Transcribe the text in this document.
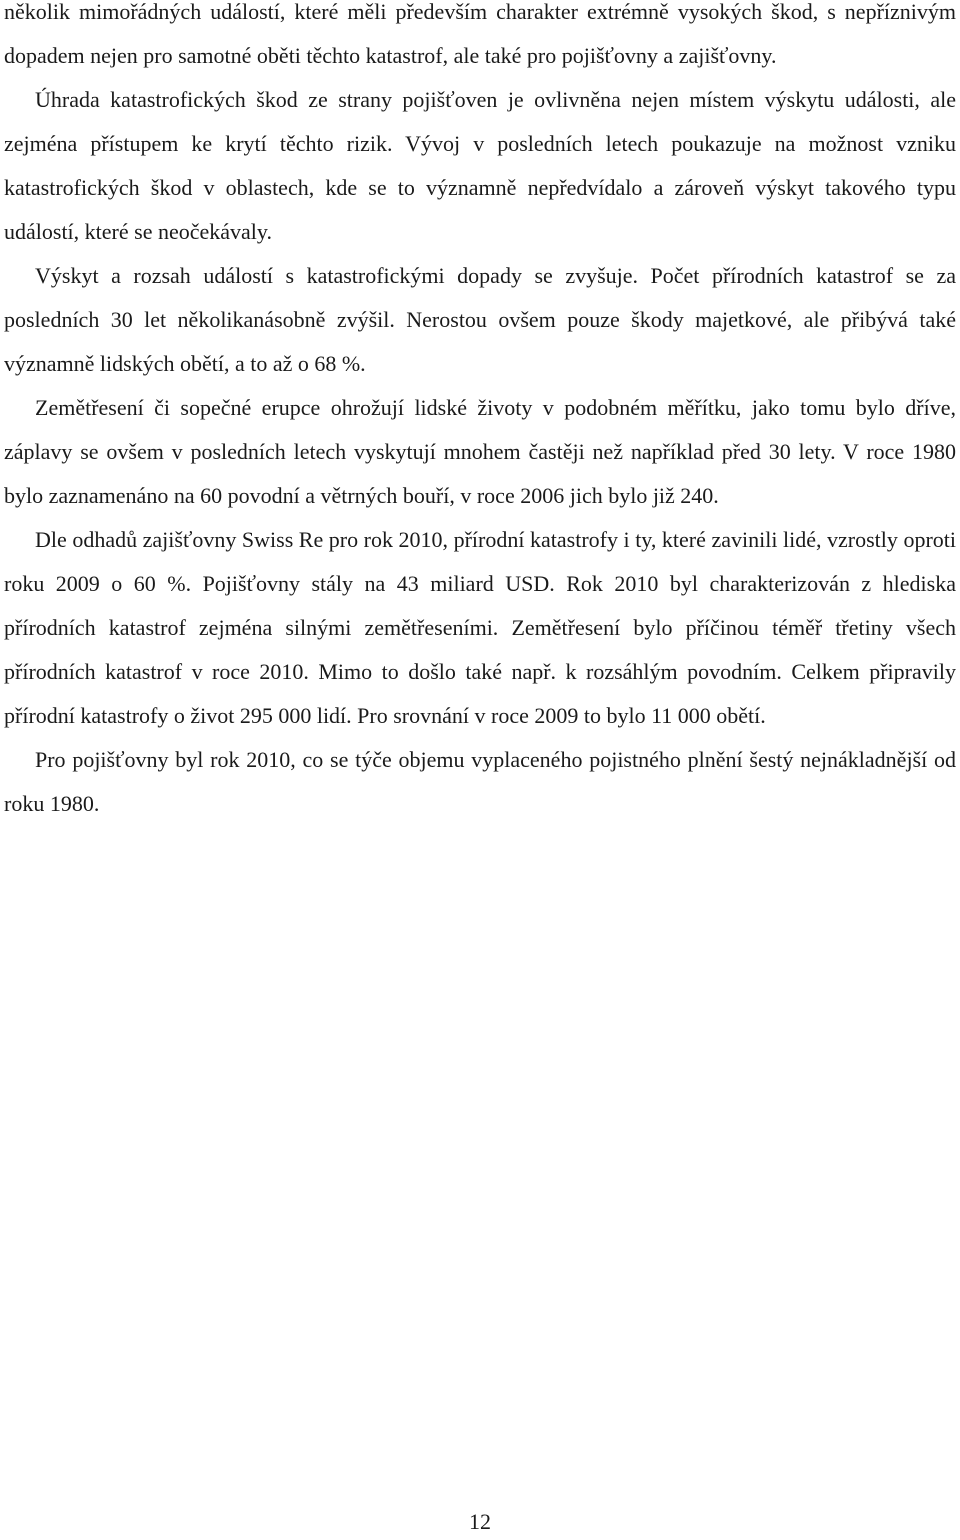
několik mimořádných událostí, které měli především charakter extrémně vysokých škod, s nepříznivým dopadem nejen pro samotné oběti těchto katastrof, ale také pro pojišťovny a zajišťovny.

Úhrada katastrofických škod ze strany pojišťoven je ovlivněna nejen místem výskytu události, ale zejména přístupem ke krytí těchto rizik. Vývoj v posledních letech poukazuje na možnost vzniku katastrofických škod v oblastech, kde se to významně nepředvídalo a zároveň výskyt takového typu událostí, které se neočekávaly.

Výskyt a rozsah událostí s katastrofickými dopady se zvyšuje. Počet přírodních katastrof se za posledních 30 let několikanásobně zvýšil. Nerostou ovšem pouze škody majetkové, ale přibývá také významně lidských obětí, a to až o 68 %.

Zemětřesení či sopečné erupce ohrožují lidské životy v podobném měřítku, jako tomu bylo dříve, záplavy se ovšem v posledních letech vyskytují mnohem častěji než například před 30 lety. V roce 1980 bylo zaznamenáno na 60 povodní a větrných bouří, v roce 2006 jich bylo již 240.

Dle odhadů zajišťovny Swiss Re pro rok 2010, přírodní katastrofy i ty, které zavinili lidé, vzrostly oproti roku 2009 o 60 %. Pojišťovny stály na 43 miliard USD. Rok 2010 byl charakterizován z hlediska přírodních katastrof zejména silnými zemětřeseními. Zemětřesení bylo příčinou téměř třetiny všech přírodních katastrof v roce 2010. Mimo to došlo také např. k rozsáhlým povodním. Celkem připravily přírodní katastrofy o život 295 000 lidí. Pro srovnání v roce 2009 to bylo 11 000 obětí.

Pro pojišťovny byl rok 2010, co se týče objemu vyplaceného pojistného plnění šestý nejnákladnější od roku 1980.

12
